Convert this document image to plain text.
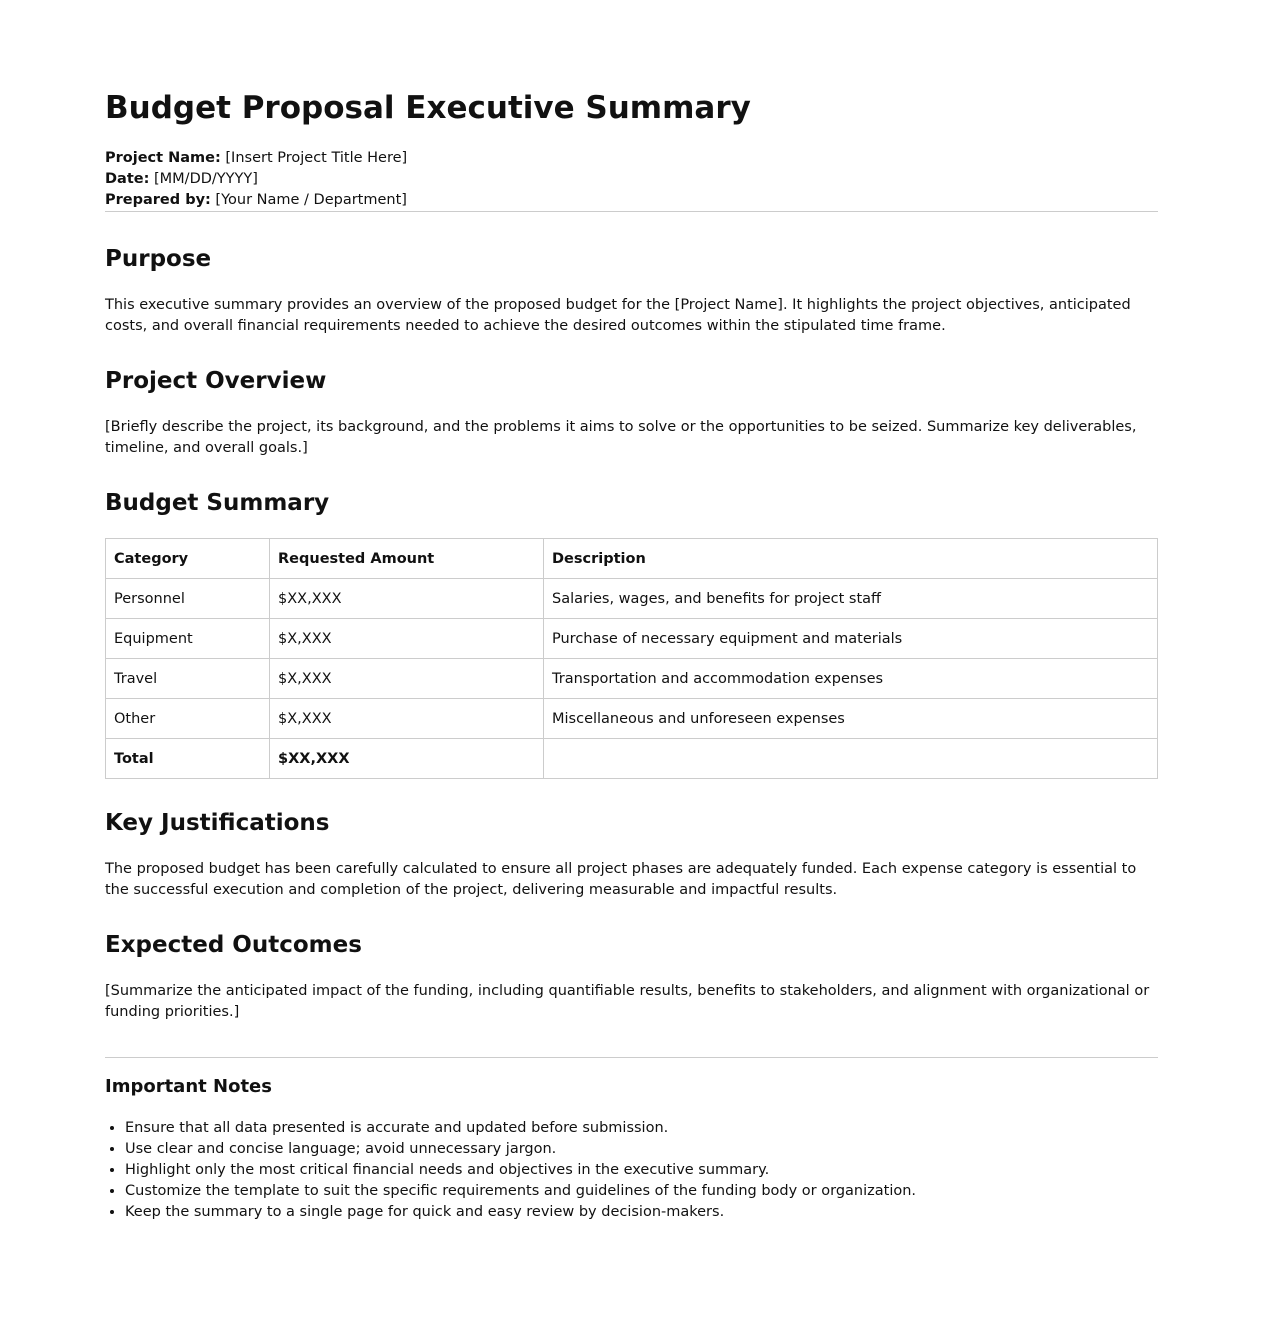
Budget Proposal Executive Summary
Project Name: [Insert Project Title Here]
Date: [MM/DD/YYYY]
Prepared by: [Your Name / Department]
Purpose

This executive summary provides an overview of the proposed budget for the [Project Name]. It highlights the project objectives, anticipated costs, and overall financial requirements needed to achieve the desired outcomes within the stipulated time frame.

Project Overview

[Briefly describe the project, its background, and the problems it aims to solve or the opportunities to be seized. Summarize key deliverables, timeline, and overall goals.]

Budget Summary
Category	Requested Amount	Description
Personnel	$XX,XXX	Salaries, wages, and benefits for project staff
Equipment	$X,XXX	Purchase of necessary equipment and materials
Travel	$X,XXX	Transportation and accommodation expenses
Other	$X,XXX	Miscellaneous and unforeseen expenses
Total	$XX,XXX	
Key Justifications

The proposed budget has been carefully calculated to ensure all project phases are adequately funded. Each expense category is essential to the successful execution and completion of the project, delivering measurable and impactful results.

Expected Outcomes

[Summarize the anticipated impact of the funding, including quantifiable results, benefits to stakeholders, and alignment with organizational or funding priorities.]

Important Notes
• Ensure that all data presented is accurate and updated before submission.
• Use clear and concise language; avoid unnecessary jargon.
• Highlight only the most critical financial needs and objectives in the executive summary.
• Customize the template to suit the specific requirements and guidelines of the funding body or organization.
• Keep the summary to a single page for quick and easy review by decision-makers.
